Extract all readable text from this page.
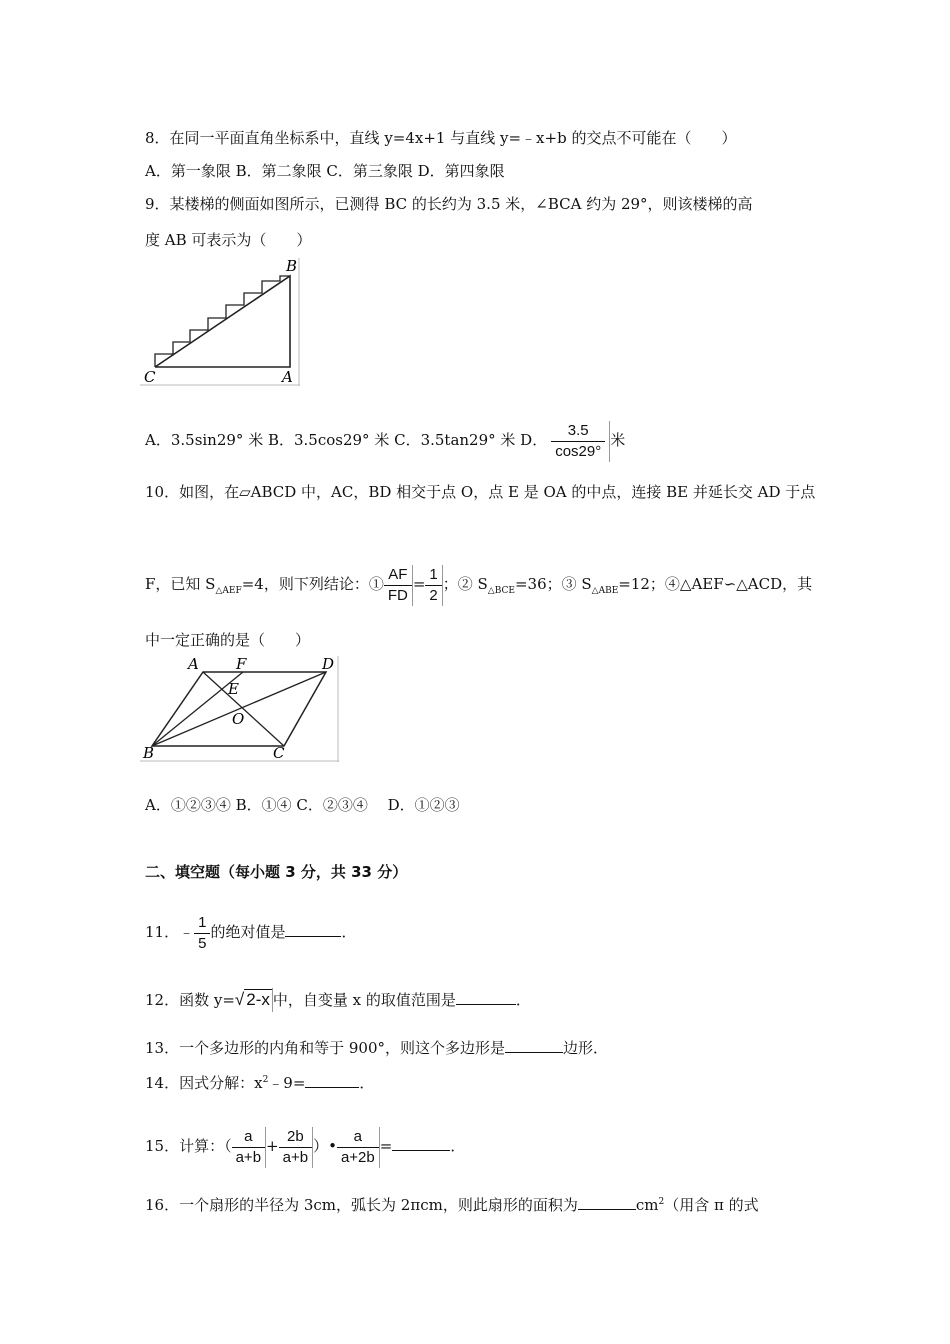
8．在同一平面直角坐标系中，直线 y=4x+1 与直线 y=﹣x+b 的交点不可能在（　　）
A．第一象限 B．第二象限 C．第三象限 D．第四象限
9．某楼梯的侧面如图所示，已测得 BC 的长约为 3.5 米，∠BCA 约为 29°，则该楼梯的高
度 AB 可表示为（　　）
B
C	A
A．3.5sin29° 米 B．3.5cos29° 米 C．3.5tan29° 米 D． $\frac{3.5}{\cos 29^\circ}$ 米
10．如图，在▱ABCD 中，AC，BD 相交于点 O，点 E 是 OA 的中点，连接 BE 并延长交 AD 于点
F，已知 $S_{\triangle AEF}=4$，则下列结论：① $\frac{AF}{FD} = \frac{1}{2}$ ；② $S_{\triangle BCE}=36$；③ $S_{\triangle ABE}=12$；④△AEF∽△ACD，其
中一定正确的是（　　）
A F	D
E
O
B	C
A．①②③④ B．①④ C．②③④　 D．①②③
二、填空题（每小题 3 分，共 33 分）
11．﹣ $\frac{1}{5}$ 的绝对值是	．
12．函数 y=√ 2-x 中，自变量 x 的取值范围是	．
13．一个多边形的内角和等于 900°，则这个多边形是	边形．
14．因式分解：$x^2﹣9=$	．
15．计算：（ $\frac{a}{a+b} + \frac{2b}{a+b}$ ）• $\frac{a}{a+2b}$ =	．
16．一个扇形的半径为 3cm，弧长为 2πcm，则此扇形的面积为	$cm^2$（用含 π 的式
